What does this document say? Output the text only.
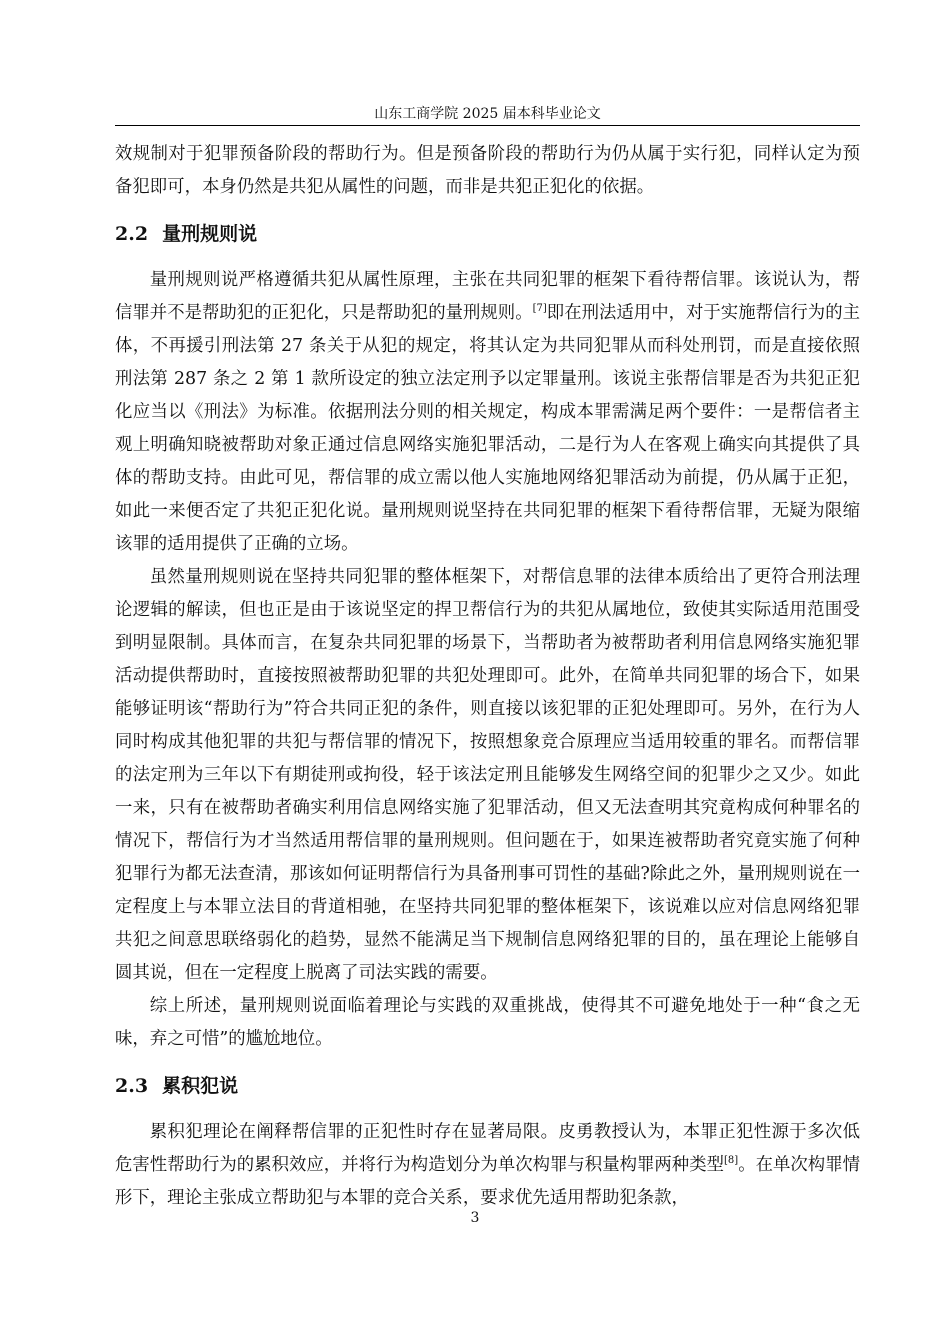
山东工商学院 2025 届本科毕业论文

效规制对于犯罪预备阶段的帮助行为。但是预备阶段的帮助行为仍从属于实行犯，同样认定为预备犯即可，本身仍然是共犯从属性的问题，而非是共犯正犯化的依据。

2.2 量刑规则说

量刑规则说严格遵循共犯从属性原理，主张在共同犯罪的框架下看待帮信罪。该说认为，帮信罪并不是帮助犯的正犯化，只是帮助犯的量刑规则。[7]即在刑法适用中，对于实施帮信行为的主体，不再援引刑法第 27 条关于从犯的规定，将其认定为共同犯罪从而科处刑罚，而是直接依照刑法第 287 条之 2 第 1 款所设定的独立法定刑予以定罪量刑。该说主张帮信罪是否为共犯正犯化应当以《刑法》为标准。依据刑法分则的相关规定，构成本罪需满足两个要件：一是帮信者主观上明确知晓被帮助对象正通过信息网络实施犯罪活动，二是行为人在客观上确实向其提供了具体的帮助支持。由此可见，帮信罪的成立需以他人实施地网络犯罪活动为前提，仍从属于正犯，如此一来便否定了共犯正犯化说。量刑规则说坚持在共同犯罪的框架下看待帮信罪，无疑为限缩该罪的适用提供了正确的立场。

虽然量刑规则说在坚持共同犯罪的整体框架下，对帮信息罪的法律本质给出了更符合刑法理论逻辑的解读，但也正是由于该说坚定的捍卫帮信行为的共犯从属地位，致使其实际适用范围受到明显限制。具体而言，在复杂共同犯罪的场景下，当帮助者为被帮助者利用信息网络实施犯罪活动提供帮助时，直接按照被帮助犯罪的共犯处理即可。此外，在简单共同犯罪的场合下，如果能够证明该“帮助行为”符合共同正犯的条件，则直接以该犯罪的正犯处理即可。另外，在行为人同时构成其他犯罪的共犯与帮信罪的情况下，按照想象竞合原理应当适用较重的罪名。而帮信罪的法定刑为三年以下有期徒刑或拘役，轻于该法定刑且能够发生网络空间的犯罪少之又少。如此一来，只有在被帮助者确实利用信息网络实施了犯罪活动，但又无法查明其究竟构成何种罪名的情况下，帮信行为才当然适用帮信罪的量刑规则。但问题在于，如果连被帮助者究竟实施了何种犯罪行为都无法查清，那该如何证明帮信行为具备刑事可罚性的基础?除此之外，量刑规则说在一定程度上与本罪立法目的背道相驰，在坚持共同犯罪的整体框架下，该说难以应对信息网络犯罪共犯之间意思联络弱化的趋势，显然不能满足当下规制信息网络犯罪的目的，虽在理论上能够自圆其说，但在一定程度上脱离了司法实践的需要。

综上所述，量刑规则说面临着理论与实践的双重挑战，使得其不可避免地处于一种“食之无味，弃之可惜”的尴尬地位。

2.3 累积犯说

累积犯理论在阐释帮信罪的正犯性时存在显著局限。皮勇教授认为，本罪正犯性源于多次低危害性帮助行为的累积效应，并将行为构造划分为单次构罪与积量构罪两种类型[8]。在单次构罪情形下，理论主张成立帮助犯与本罪的竞合关系，要求优先适用帮助犯条款，

3
